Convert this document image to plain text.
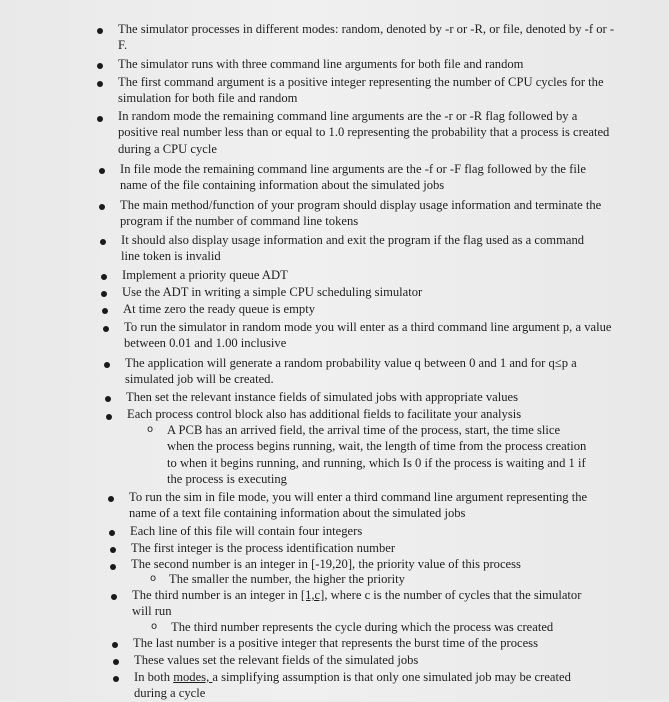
The simulator processes in different modes: random, denoted by -r or -R, or file, denoted by -f or -F.
The simulator runs with three command line arguments for both file and random
The first command argument is a positive integer representing the number of CPU cycles for the simulation for both file and random
In random mode the remaining command line arguments are the -r or -R flag followed by a positive real number less than or equal to 1.0 representing the probability that a process is created during a CPU cycle
In file mode the remaining command line arguments are the -f or -F flag followed by the file name of the file containing information about the simulated jobs
The main method/function of your program should display usage information and terminate the program if the number of command line tokens
It should also display usage information and exit the program if the flag used as a command line token is invalid
Implement a priority queue ADT
Use the ADT in writing a simple CPU scheduling simulator
At time zero the ready queue is empty
To run the simulator in random mode you will enter as a third command line argument p, a value between 0.01 and 1.00 inclusive
The application will generate a random probability value q between 0 and 1 and for q≤p a simulated job will be created.
Then set the relevant instance fields of simulated jobs with appropriate values
Each process control block also has additional fields to facilitate your analysis
o A PCB has an arrived field, the arrival time of the process, start, the time slice when the process begins running, wait, the length of time from the process creation to when it begins running, and running, which Is 0 if the process is waiting and 1 if the process is executing
To run the sim in file mode, you will enter a third command line argument representing the name of a text file containing information about the simulated jobs
Each line of this file will contain four integers
The first integer is the process identification number
The second number is an integer in [-19,20], the priority value of this process
o The smaller the number, the higher the priority
The third number is an integer in [1,c], where c is the number of cycles that the simulator will run
o The third number represents the cycle during which the process was created
The last number is a positive integer that represents the burst time of the process
These values set the relevant fields of the simulated jobs
In both modes, a simplifying assumption is that only one simulated job may be created during a cycle
